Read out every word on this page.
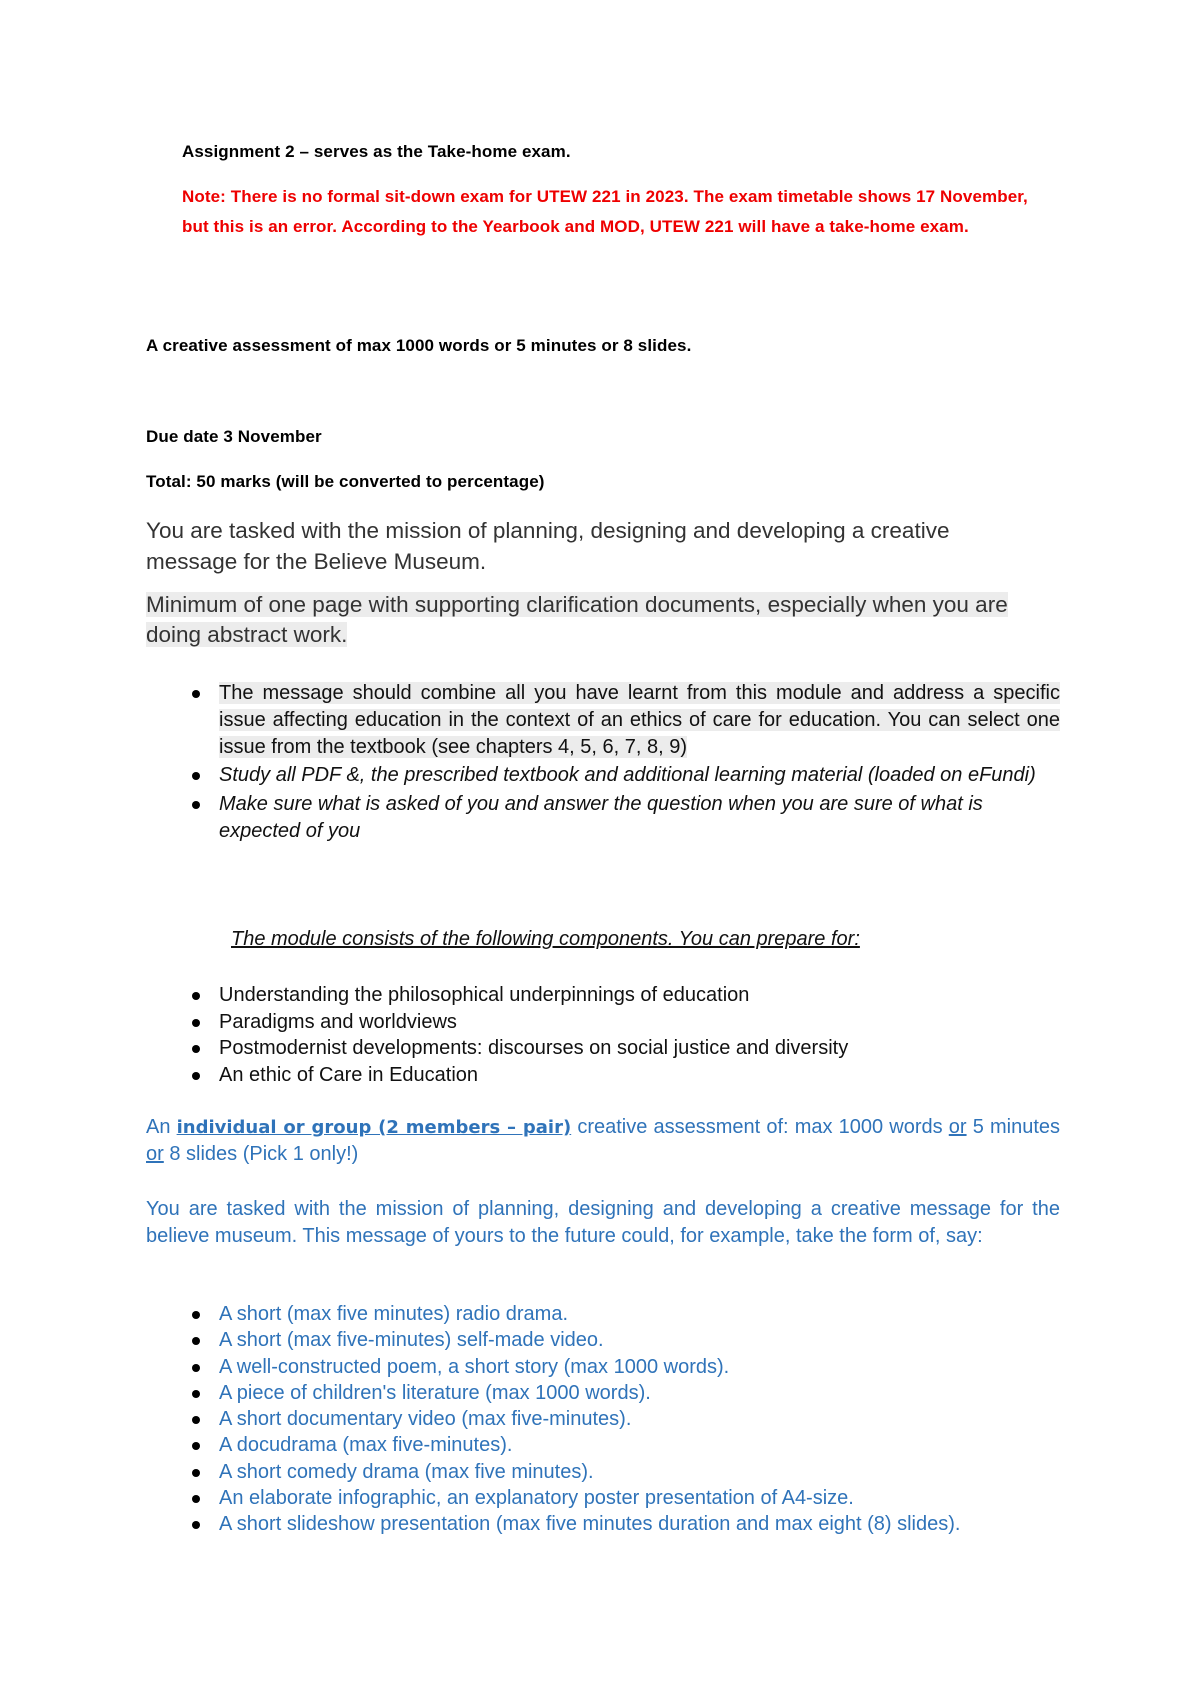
Assignment 2 – serves as the Take-home exam.

Note: There is no formal sit-down exam for UTEW 221 in 2023. The exam timetable shows 17 November, but this is an error. According to the Yearbook and MOD, UTEW 221 will have a take-home exam.

A creative assessment of max 1000 words or 5 minutes or 8 slides.

Due date 3 November

Total: 50 marks (will be converted to percentage)

You are tasked with the mission of planning, designing and developing a creative message for the Believe Museum.

Minimum of one page with supporting clarification documents, especially when you are doing abstract work.

The message should combine all you have learnt from this module and address a specific issue affecting education in the context of an ethics of care for education. You can select one issue from the textbook (see chapters 4, 5, 6, 7, 8, 9)
Study all PDF &, the prescribed textbook and additional learning material (loaded on eFundi)
Make sure what is asked of you and answer the question when you are sure of what is expected of you

The module consists of the following components. You can prepare for:

Understanding the philosophical underpinnings of education
Paradigms and worldviews
Postmodernist developments: discourses on social justice and diversity
An ethic of Care in Education

An individual or group (2 members – pair) creative assessment of: max 1000 words or 5 minutes or 8 slides (Pick 1 only!)

You are tasked with the mission of planning, designing and developing a creative message for the believe museum. This message of yours to the future could, for example, take the form of, say:

A short (max five minutes) radio drama.
A short (max five-minutes) self-made video.
A well-constructed poem, a short story (max 1000 words).
A piece of children's literature (max 1000 words).
A short documentary video (max five-minutes).
A docudrama (max five-minutes).
A short comedy drama (max five minutes).
An elaborate infographic, an explanatory poster presentation of A4-size.
A short slideshow presentation (max five minutes duration and max eight (8) slides).
